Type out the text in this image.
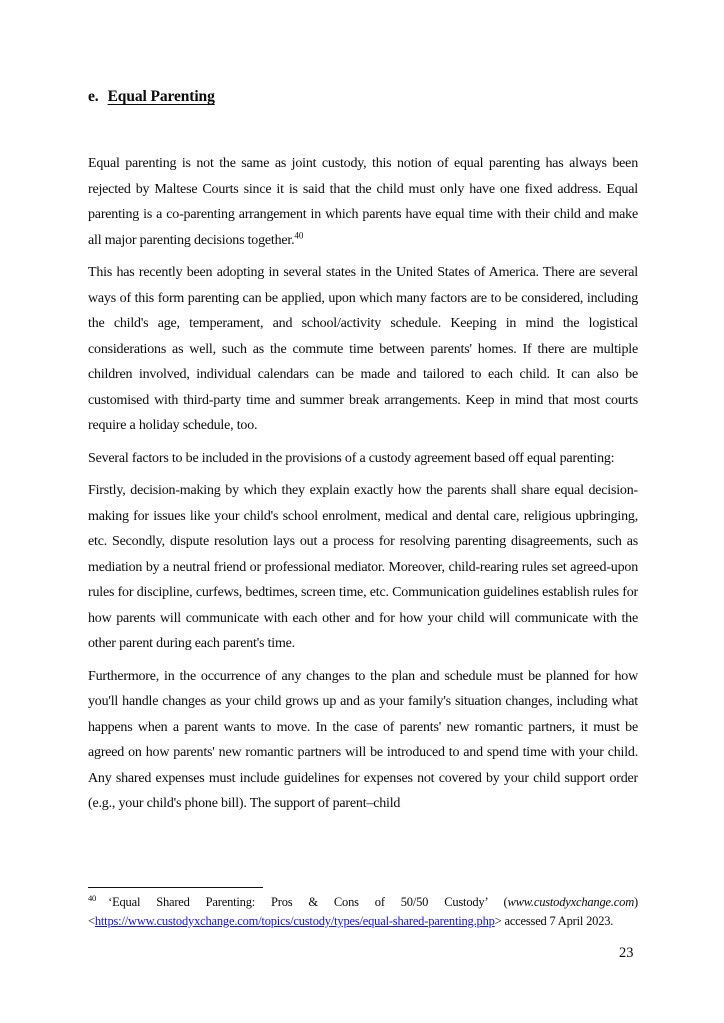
e. Equal Parenting

Equal parenting is not the same as joint custody, this notion of equal parenting has always been rejected by Maltese Courts since it is said that the child must only have one fixed address. Equal parenting is a co-parenting arrangement in which parents have equal time with their child and make all major parenting decisions together.$^{40}$

This has recently been adopting in several states in the United States of America. There are several ways of this form parenting can be applied, upon which many factors are to be considered, including the child's age, temperament, and school/activity schedule. Keeping in mind the logistical considerations as well, such as the commute time between parents' homes. If there are multiple children involved, individual calendars can be made and tailored to each child. It can also be customised with third-party time and summer break arrangements. Keep in mind that most courts require a holiday schedule, too.

Several factors to be included in the provisions of a custody agreement based off equal parenting:

Firstly, decision-making by which they explain exactly how the parents shall share equal decision-making for issues like your child's school enrolment, medical and dental care, religious upbringing, etc. Secondly, dispute resolution lays out a process for resolving parenting disagreements, such as mediation by a neutral friend or professional mediator. Moreover, child-rearing rules set agreed-upon rules for discipline, curfews, bedtimes, screen time, etc. Communication guidelines establish rules for how parents will communicate with each other and for how your child will communicate with the other parent during each parent's time.

Furthermore, in the occurrence of any changes to the plan and schedule must be planned for how you'll handle changes as your child grows up and as your family's situation changes, including what happens when a parent wants to move. In the case of parents' new romantic partners, it must be agreed on how parents' new romantic partners will be introduced to and spend time with your child. Any shared expenses must include guidelines for expenses not covered by your child support order (e.g., your child's phone bill). The support of parent–child

$^{40}$ ‘Equal Shared Parenting: Pros & Cons of 50/50 Custody’ (www.custodyxchange.com) <https://www.custodyxchange.com/topics/custody/types/equal-shared-parenting.php> accessed 7 April 2023.
23
